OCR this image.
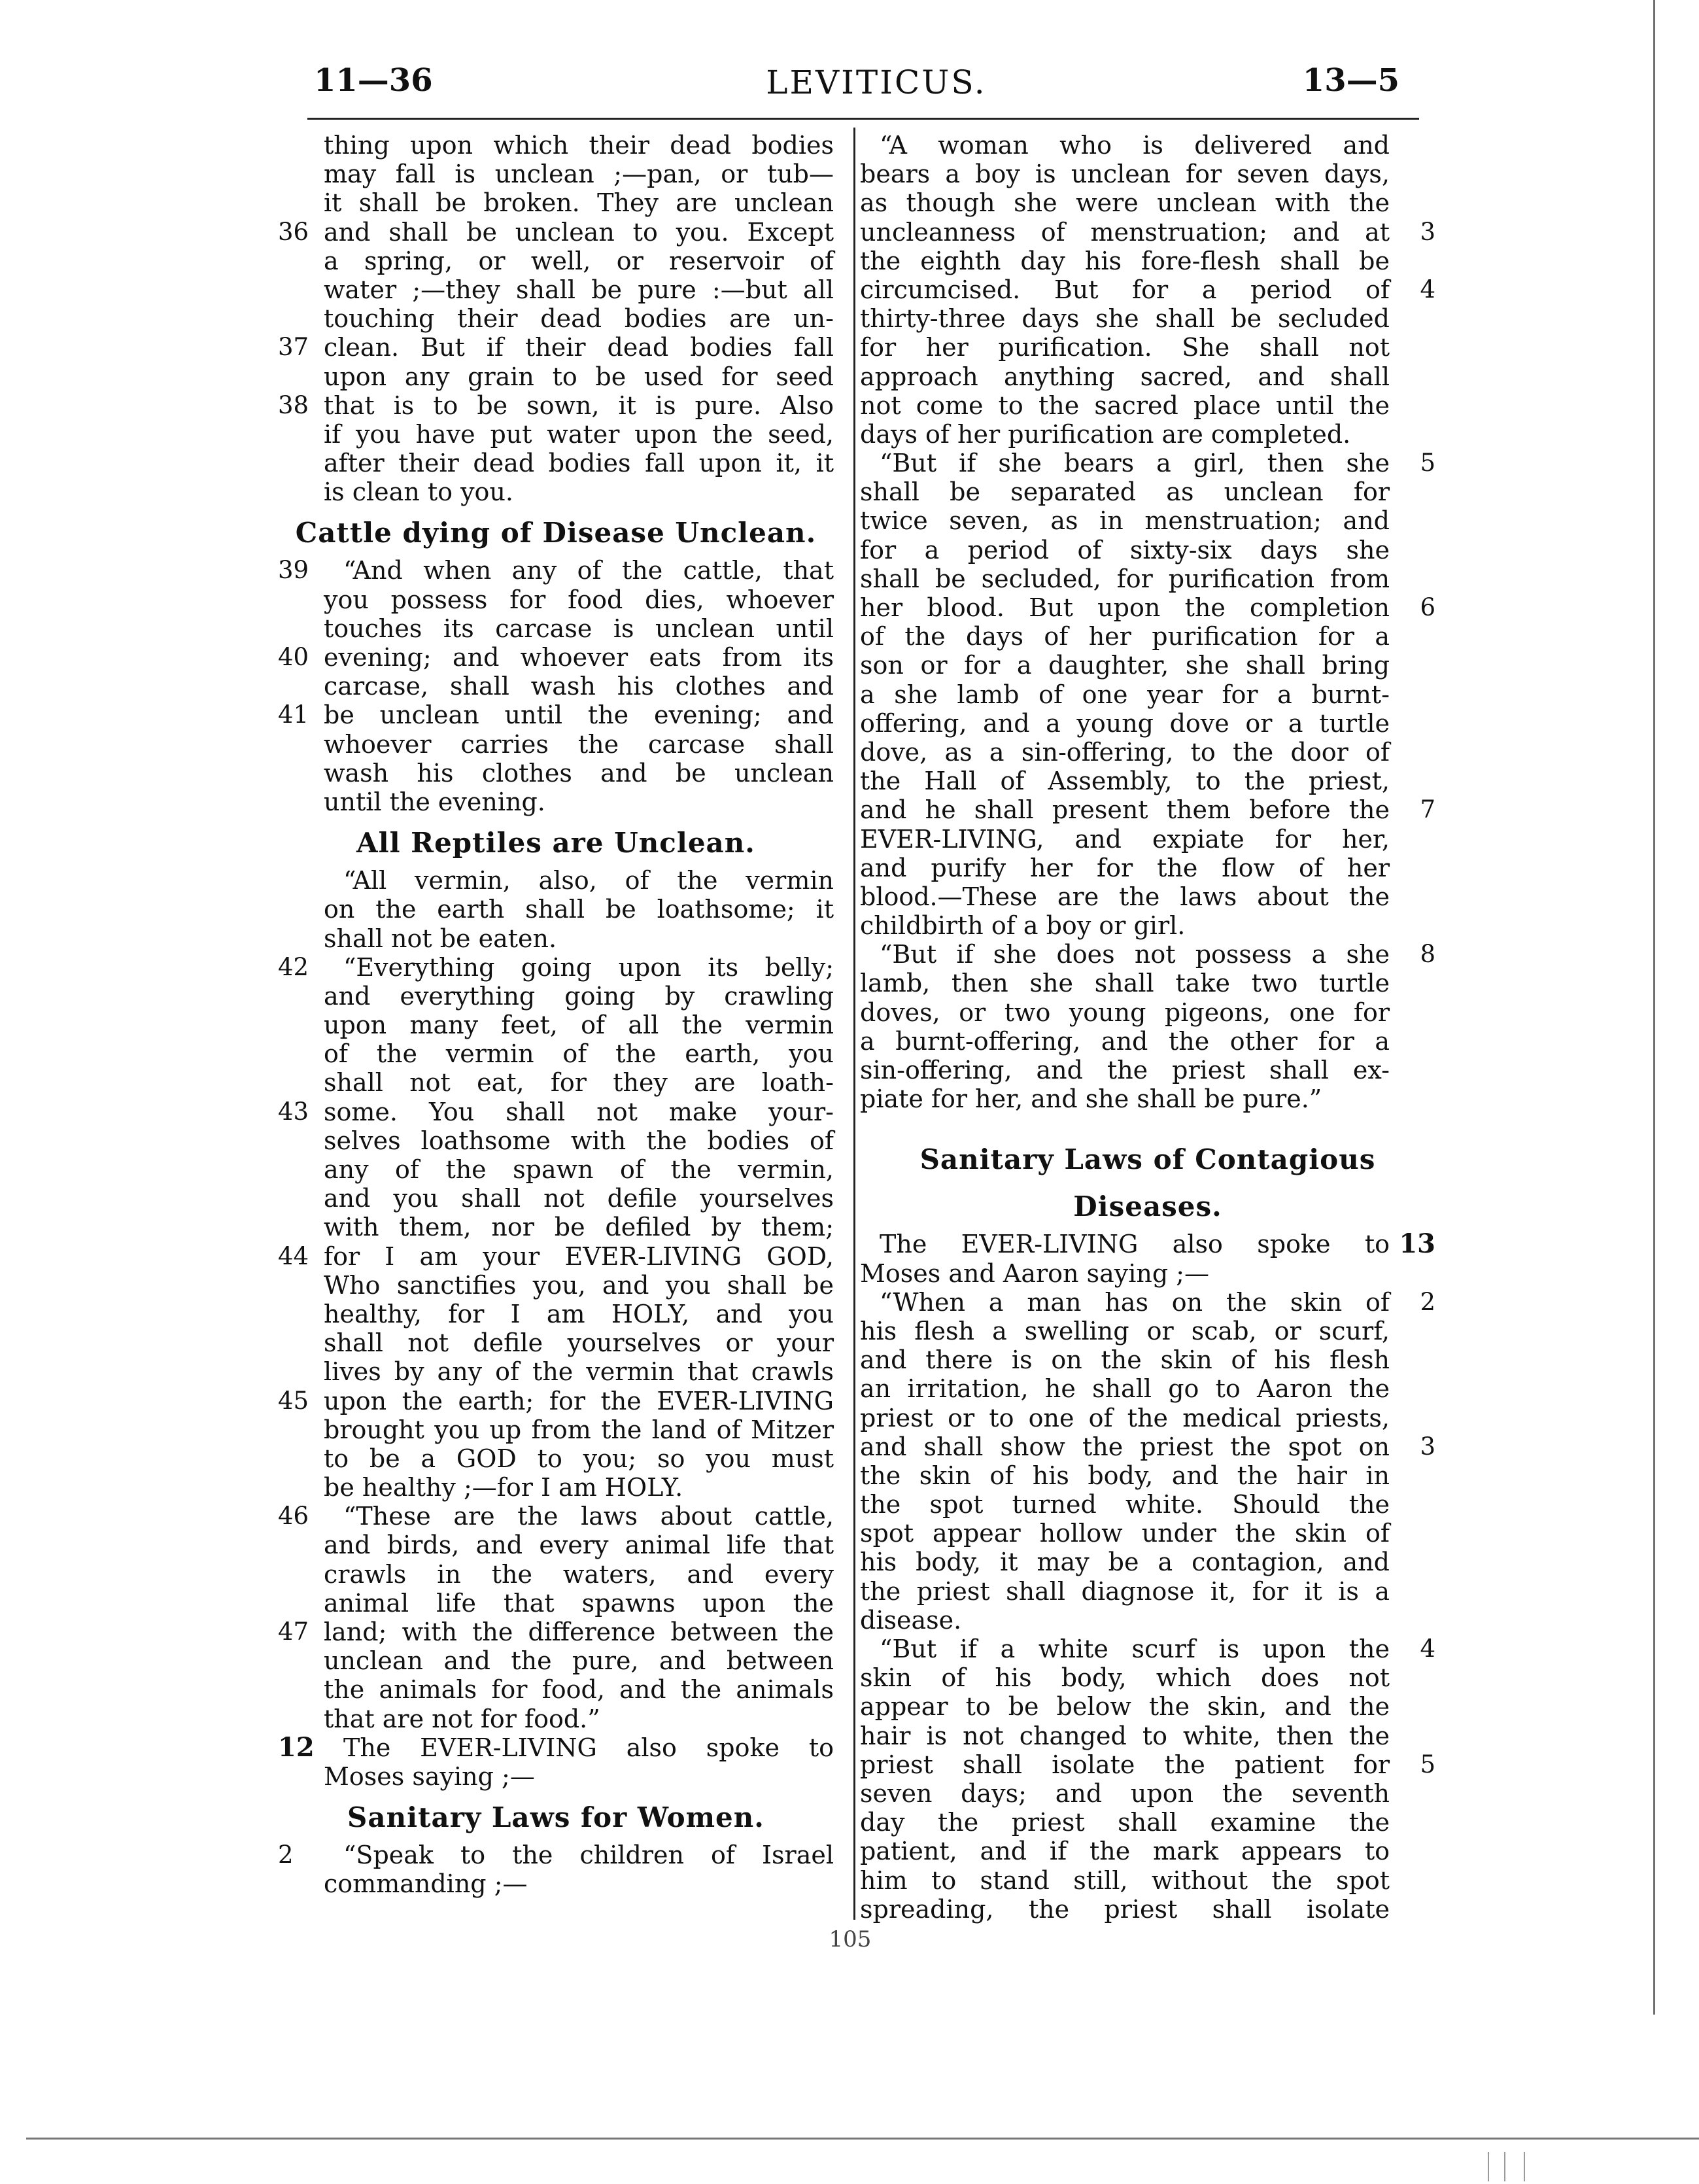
11—36	LEVITICUS.	13—5
thing upon which their dead bodies
may fall is unclean ;—pan, or tub—
it shall be broken. They are unclean
36 and shall be unclean to you. Except
a spring, or well, or reservoir of
water ;—they shall be pure :—but all
touching their dead bodies are un-
37 clean. But if their dead bodies fall
upon any grain to be used for seed
38 that is to be sown, it is pure. Also
if you have put water upon the seed,
after their dead bodies fall upon it, it
is clean to you.
Cattle dying of Disease Unclean.
39	“And when any of the cattle, that
you possess for food dies, whoever
touches its carcase is unclean until
40 evening; and whoever eats from its
carcase, shall wash his clothes and
41 be unclean until the evening; and
whoever carries the carcase shall
wash his clothes and be unclean
until the evening.
All Reptiles are Unclean.
“All vermin, also, of the vermin
on the earth shall be loathsome; it
shall not be eaten.
42	“Everything going upon its belly;
and everything going by crawling
upon many feet, of all the vermin
of the vermin of the earth, you
shall not eat, for they are loath-
43 some. You shall not make your-
selves loathsome with the bodies of
any of the spawn of the vermin,
and you shall not defile yourselves
with them, nor be defiled by them;
44 for I am your EVER-LIVING GOD,
Who sanctifies you, and you shall be
healthy, for I am HOLY, and you
shall not defile yourselves or your
lives by any of the vermin that crawls
45 upon the earth; for the EVER-LIVING
brought you up from the land of Mitzer
to be a GOD to you; so you must
be healthy ;—for I am HOLY.
46	“These are the laws about cattle,
and birds, and every animal life that
crawls in the waters, and every
animal life that spawns upon the
47 land; with the difference between the
unclean and the pure, and between
the animals for food, and the animals
that are not for food.”
12	The EVER-LIVING also spoke to
Moses saying ;—
Sanitary Laws for Women.
2	“Speak to the children of Israel
commanding ;—
“A woman who is delivered and
bears a boy is unclean for seven days,
as though she were unclean with the
uncleanness of menstruation; and at	3
the eighth day his fore-flesh shall be
circumcised. But for a period of	4
thirty-three days she shall be secluded
for her purification. She shall not
approach anything sacred, and shall
not come to the sacred place until the
days of her purification are completed.
“But if she bears a girl, then she	5
shall be separated as unclean for
twice seven, as in menstruation; and
for a period of sixty-six days she
shall be secluded, for purification from
her blood. But upon the completion	6
of the days of her purification for a
son or for a daughter, she shall bring
a she lamb of one year for a burnt-
offering, and a young dove or a turtle
dove, as a sin-offering, to the door of
the Hall of Assembly, to the priest,
and he shall present them before the	7
EVER-LIVING, and expiate for her,
and purify her for the flow of her
blood.—These are the laws about the
childbirth of a boy or girl.
“But if she does not possess a she	8
lamb, then she shall take two turtle
doves, or two young pigeons, one for
a burnt-offering, and the other for a
sin-offering, and the priest shall ex-
piate for her, and she shall be pure.”
Sanitary Laws of Contagious
Diseases.
The EVER-LIVING also spoke to 13
Moses and Aaron saying ;—
“When a man has on the skin of	2
his flesh a swelling or scab, or scurf,
and there is on the skin of his flesh
an irritation, he shall go to Aaron the
priest or to one of the medical priests,
and shall show the priest the spot on	3
the skin of his body, and the hair in
the spot turned white. Should the
spot appear hollow under the skin of
his body, it may be a contagion, and
the priest shall diagnose it, for it is a
disease.
“But if a white scurf is upon the	4
skin of his body, which does not
appear to be below the skin, and the
hair is not changed to white, then the
priest shall isolate the patient for	5
seven days; and upon the seventh
day the priest shall examine the
patient, and if the mark appears to
him to stand still, without the spot
spreading, the priest shall isolate
105
